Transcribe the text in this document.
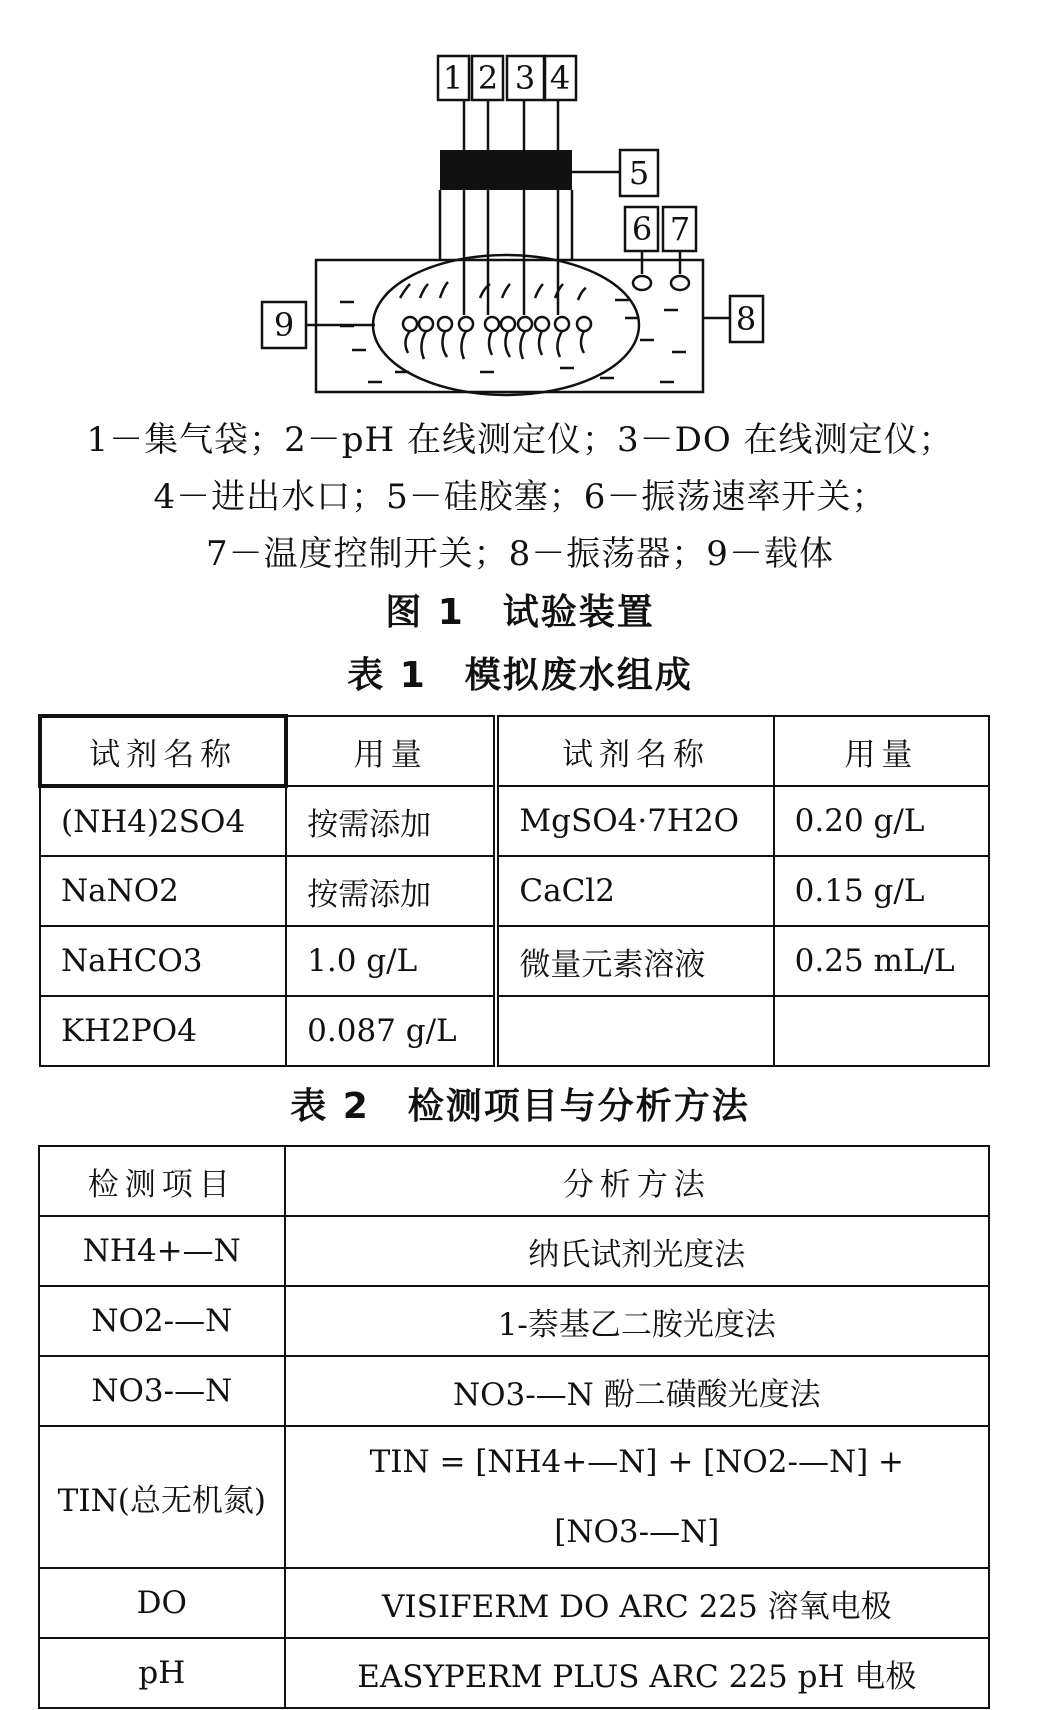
1 2 3 4
5
6 7
8
9
1－集气袋；2－pH 在线测定仪；3－DO 在线测定仪；
4－进出水口；5－硅胶塞；6－振荡速率开关；
7－温度控制开关；8－振荡器；9－载体
图 1　试验装置
表 1　模拟废水组成
试剂名称	用量	试剂名称	用量
(NH4)2SO4	按需添加	MgSO4·7H2O	0.20 g/L
NaNO2	按需添加	CaCl2	0.15 g/L
NaHCO3	1.0 g/L	微量元素溶液	0.25 mL/L
KH2PO4	0.087 g/L		
表 2　检测项目与分析方法
检测项目	分析方法
NH4+—N	纳氏试剂光度法
NO2-—N	1-萘基乙二胺光度法
NO3-—N	NO3-—N 酚二磺酸光度法
TIN(总无机氮)	TIN = [NH4+—N] + [NO2-—N] + [NO3-—N]
DO	VISIFERM DO ARC 225 溶氧电极
pH	EASYPERM PLUS ARC 225 pH 电极
